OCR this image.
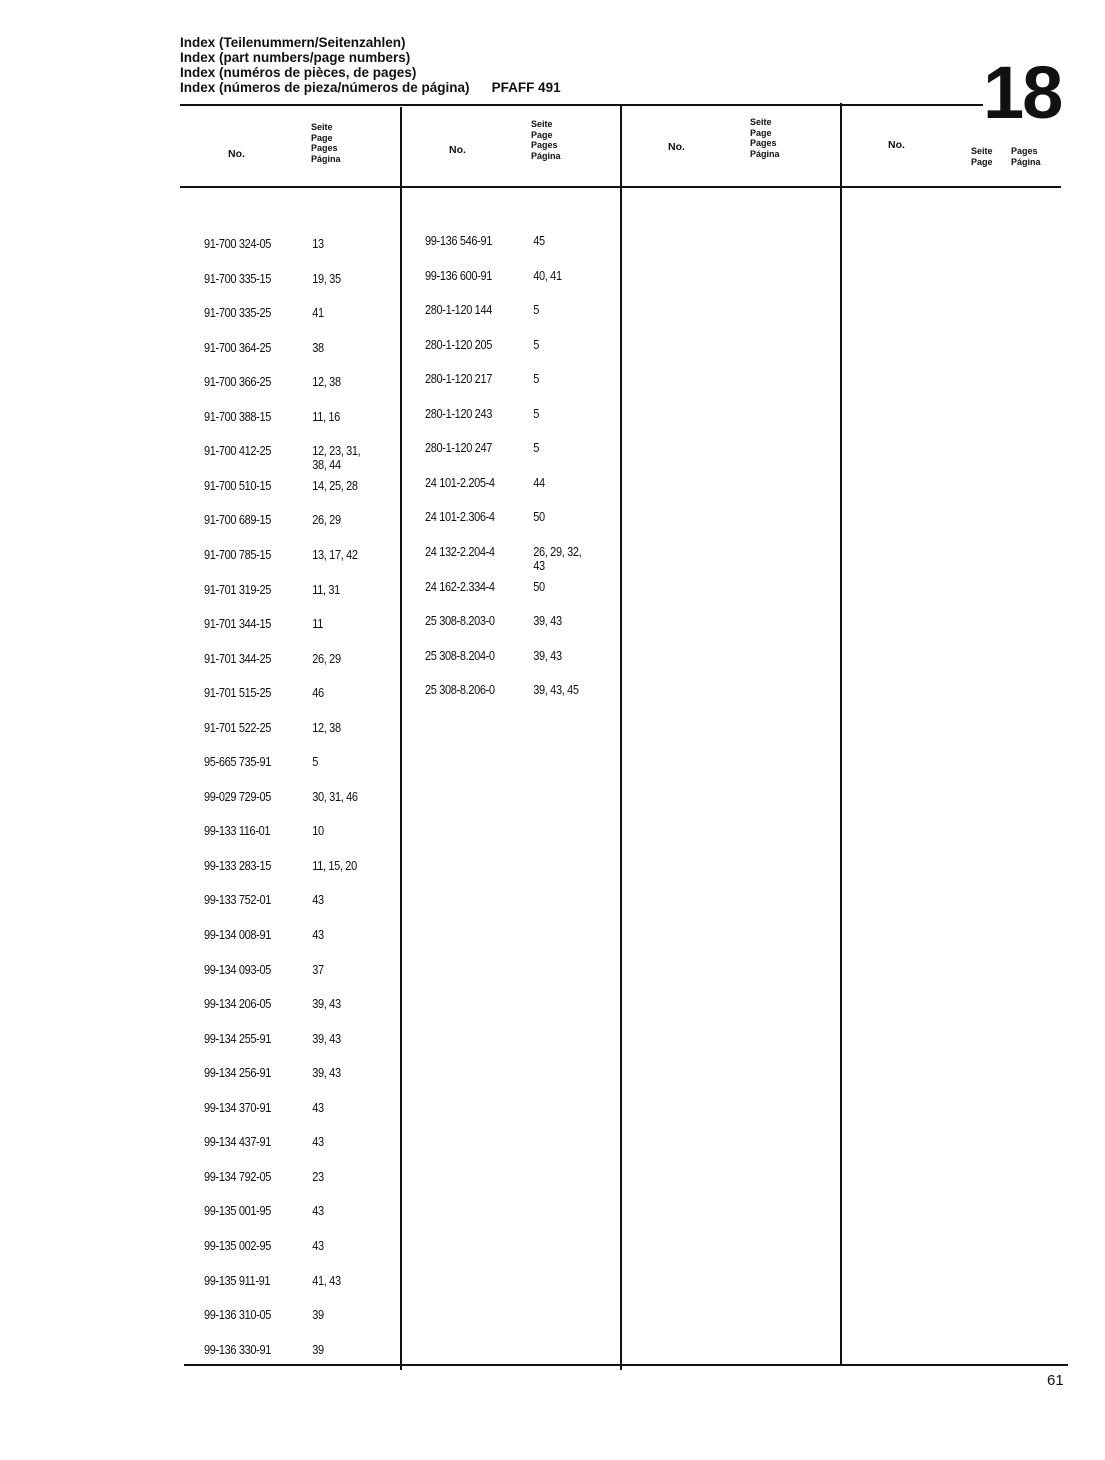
Index (Teilenummern/Seitenzahlen)
Index (part numbers/page numbers)
Index (numéros de pièces, de pages)
Index (números de pieza/números de página) PFAFF 491	18
No.
Seite
Page
Pages
Página
No.
Seite
Page
Pages
Página
No.
Seite
Page
Pages
Página
No.	Seite
Page
Pages
Página
91-700 324-05	13
91-700 335-15	19, 35
91-700 335-25	41
91-700 364-25	38
91-700 366-25	12, 38
91-700 388-15	11, 16
91-700 412-25	12, 23, 31,
38, 44
91-700 510-15	14, 25, 28
91-700 689-15	26, 29
91-700 785-15	13, 17, 42
91-701 319-25	11, 31
91-701 344-15	11
91-701 344-25	26, 29
91-701 515-25	46
91-701 522-25	12, 38
95-665 735-91	5
99-029 729-05	30, 31, 46
99-133 116-01	10
99-133 283-15	11, 15, 20
99-133 752-01	43
99-134 008-91	43
99-134 093-05	37
99-134 206-05	39, 43
99-134 255-91	39, 43
99-134 256-91	39, 43
99-134 370-91	43
99-134 437-91	43
99-134 792-05	23
99-135 001-95	43
99-135 002-95	43
99-135 911-91	41, 43
99-136 310-05	39
99-136 330-91	39
99-136 546-91	45
99-136 600-91	40, 41
280-1-120 144	5
280-1-120 205	5
280-1-120 217	5
280-1-120 243	5
280-1-120 247	5
24 101-2.205-4	44
24 101-2.306-4	50
24 132-2.204-4	26, 29, 32,
43
24 162-2.334-4	50
25 308-8.203-0	39, 43
25 308-8.204-0	39, 43
25 308-8.206-0	39, 43, 45
61
